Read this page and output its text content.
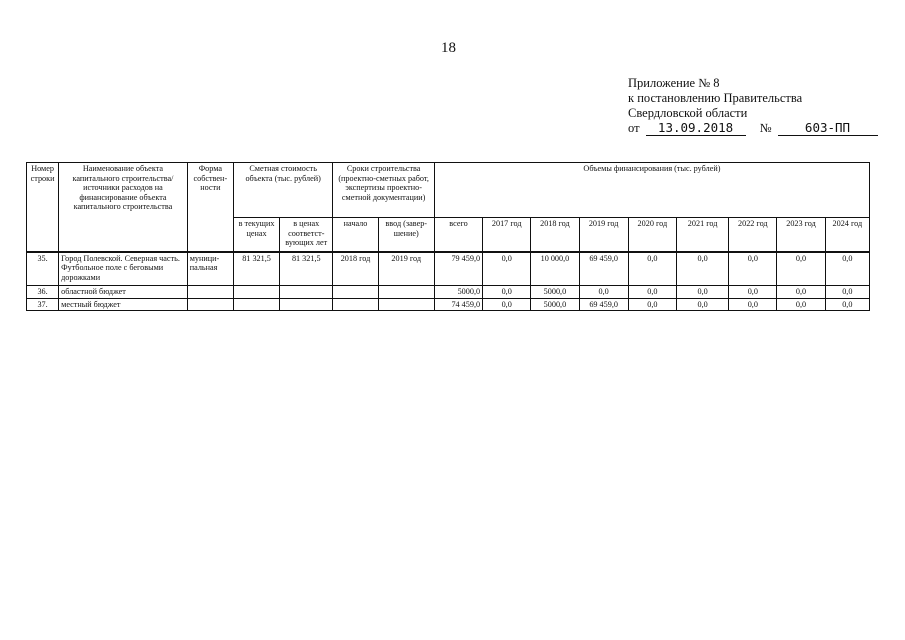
18
Приложение № 8
к постановлению Правительства
Свердловской области
от	13.09.2018	№	603-ПП
Номер строки	Наименование объекта капитального строительства/ источники расходов на финансирование объекта капитального строительства	Форма собствен-ности	Сметная стоимость объекта (тыс. рублей)		Сроки строительства (проектно-сметных работ, экспертизы проектно-сметной документации)		Объемы финансирования (тыс. рублей)								
			в текущих ценах	в ценах соответст-вующих лет	начало	ввод (завер-шение)	всего	2017 год	2018 год	2019 год	2020 год	2021 год	2022 год	2023 год	2024 год
35.	Город Полевской. Северная часть. Футбольное поле с беговыми дорожками	муници-пальная	81 321,5	81 321,5	2018 год	2019 год	79 459,0	0,0	10 000,0	69 459,0	0,0	0,0	0,0	0,0	0,0
36.	областной бюджет						5000,0	0,0	5000,0	0,0	0,0	0,0	0,0	0,0	0,0
37.	местный бюджет						74 459,0	0,0	5000,0	69 459,0	0,0	0,0	0,0	0,0	0,0
